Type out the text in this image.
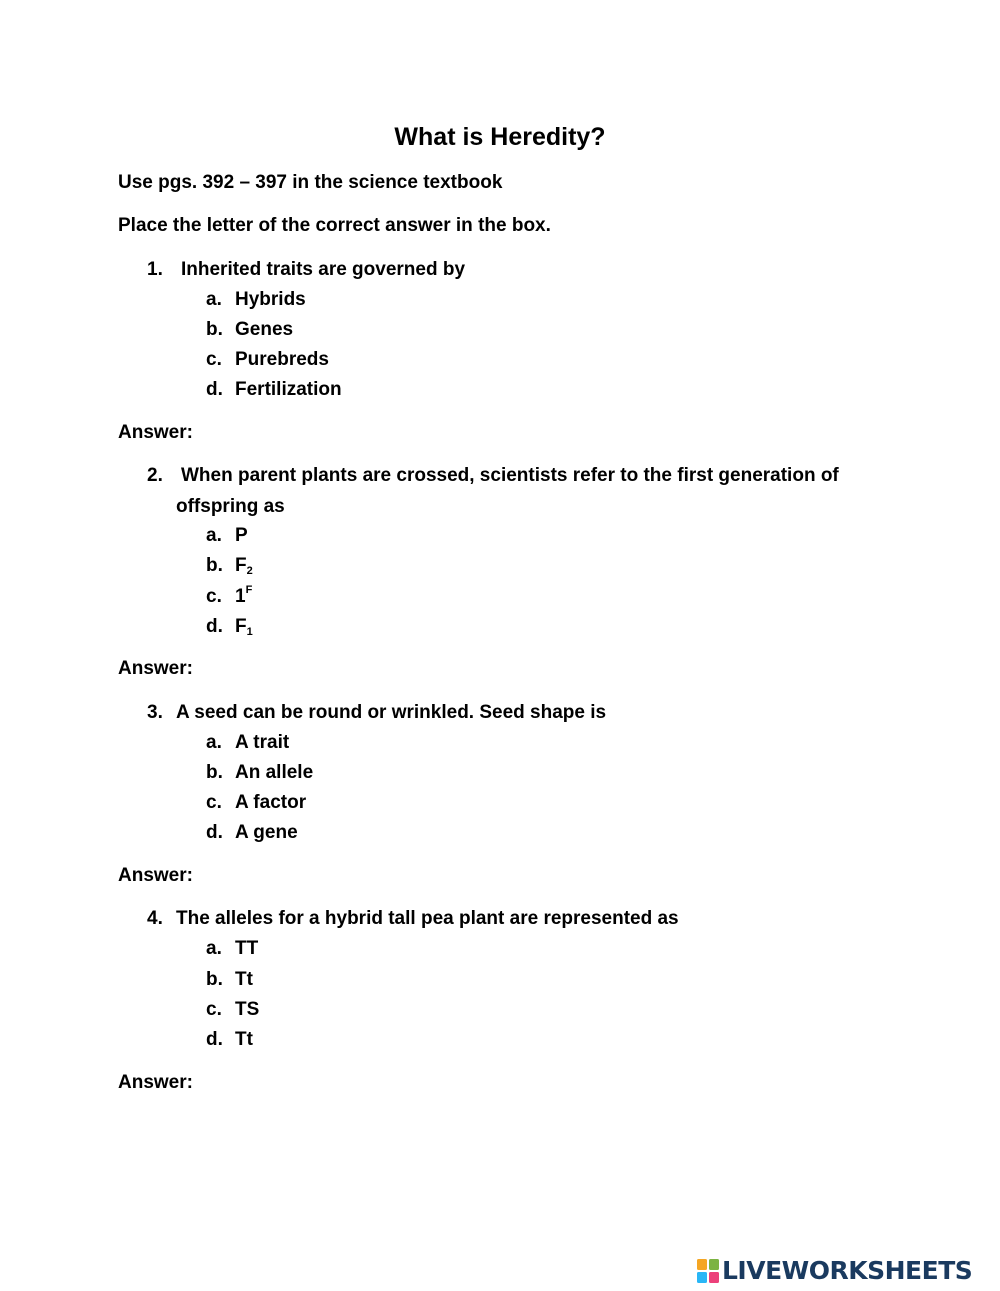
What is Heredity?
Use pgs. 392 – 397 in the science textbook
Place the letter of the correct answer in the box.
1. Inherited traits are governed by
a. Hybrids
b. Genes
c. Purebreds
d. Fertilization
Answer:
2. When parent plants are crossed, scientists refer to the first generation of
offspring as
a. P
b. $F_2$
c. $1^F$
d. $F_1$
Answer:
3. A seed can be round or wrinkled. Seed shape is
a. A trait
b. An allele
c. A factor
d. A gene
Answer:
4. The alleles for a hybrid tall pea plant are represented as
a. TT
b. Tt
c. TS
d. Tt
Answer:
LIVEWORKSHEETS
